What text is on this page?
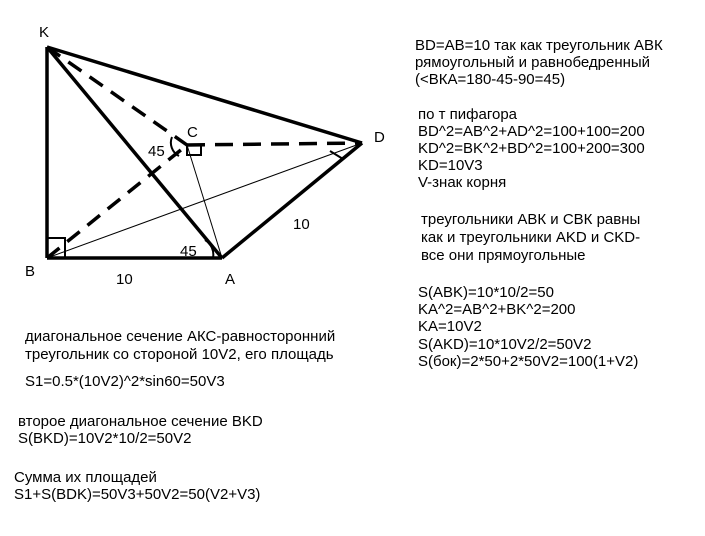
K
C	D
B	A
45
45
10
10
BD=AB=10 так как треугольник АВК
рямоугольный и равнобедренный
(<ВКА=180-45-90=45)
по т пифагора
BD^2=AB^2+AD^2=100+100=200
KD^2=BK^2+BD^2=100+200=300
KD=10V3
V-знак корня
треугольники АВК и СВК равны
как и треугольники AKD и CKD-
все они прямоугольные
S(ABK)=10*10/2=50
KA^2=AB^2+BK^2=200
KA=10V2
S(AKD)=10*10V2/2=50V2
S(бок)=2*50+2*50V2=100(1+V2)
диагональное сечение АКС-равносторонний
треугольник со стороной 10V2, его площадь
S1=0.5*(10V2)^2*sin60=50V3
второе диагональное сечение BKD
S(BKD)=10V2*10/2=50V2
Сумма их площадей
S1+S(BDK)=50V3+50V2=50(V2+V3)
